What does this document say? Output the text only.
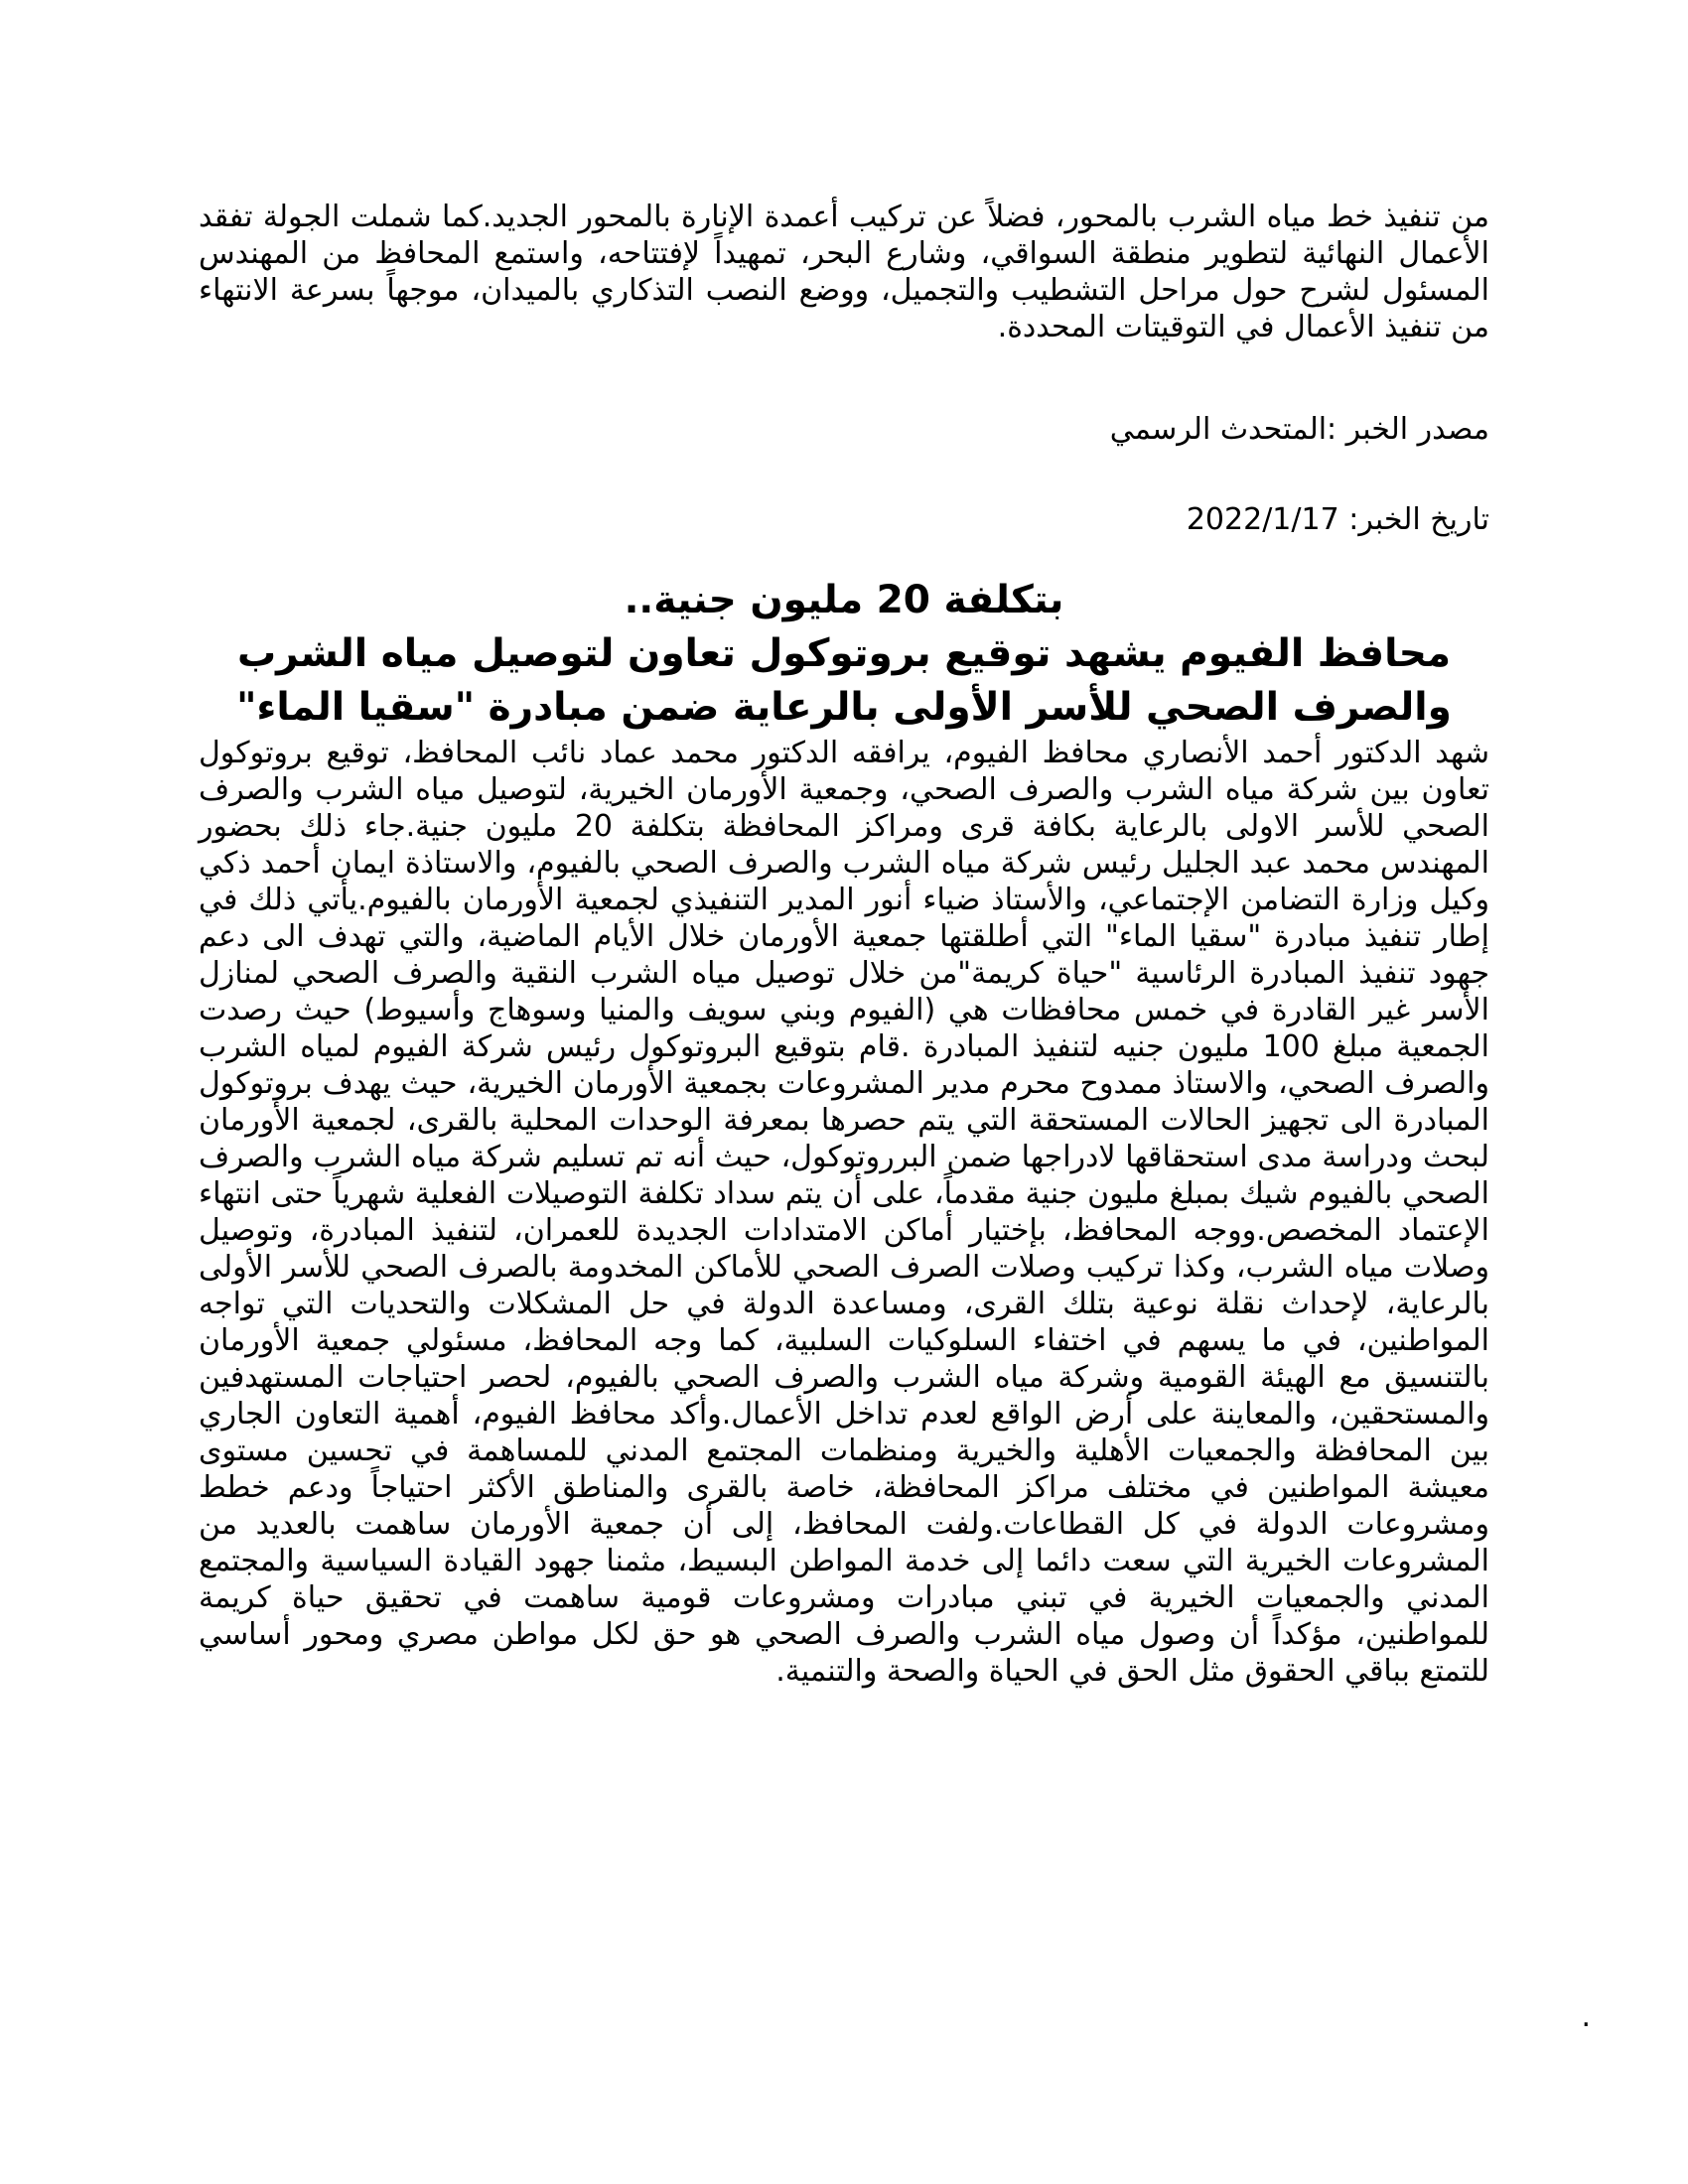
من تنفيذ خط مياه الشرب بالمحور، فضلاً عن تركيب أعمدة الإنارة بالمحور الجديد.كما شملت الجولة تفقد الأعمال النهائية لتطوير منطقة السواقي، وشارع البحر، تمهيداً لإفتتاحه، واستمع المحافظ من المهندس المسئول لشرح حول مراحل التشطيب والتجميل، ووضع النصب التذكاري بالميدان، موجهاً بسرعة الانتهاء من تنفيذ الأعمال في التوقيتات المحددة.

مصدر الخبر :المتحدث الرسمي

تاريخ الخبر: 2022/1/17

بتكلفة 20 مليون جنية..

محافظ الفيوم يشهد توقيع بروتوكول تعاون لتوصيل مياه الشرب والصرف الصحي للأسر الأولى بالرعاية ضمن مبادرة "سقيا الماء"

شهد الدكتور أحمد الأنصاري محافظ الفيوم، يرافقه الدكتور محمد عماد نائب المحافظ، توقيع بروتوكول تعاون بين شركة مياه الشرب والصرف الصحي، وجمعية الأورمان الخيرية، لتوصيل مياه الشرب والصرف الصحي للأسر الاولى بالرعاية بكافة قرى ومراكز المحافظة بتكلفة 20 مليون جنية.جاء ذلك بحضور المهندس محمد عبد الجليل رئيس شركة مياه الشرب والصرف الصحي بالفيوم، والاستاذة ايمان أحمد ذكي وكيل وزارة التضامن الإجتماعي، والأستاذ ضياء أنور المدير التنفيذي لجمعية الأورمان بالفيوم.يأتي ذلك في إطار تنفيذ مبادرة "سقيا الماء" التي أطلقتها جمعية الأورمان خلال الأيام الماضية، والتي تهدف الى دعم جهود تنفيذ المبادرة الرئاسية "حياة كريمة"من خلال توصيل مياه الشرب النقية والصرف الصحي لمنازل الأسر غير القادرة في خمس محافظات هي (الفيوم وبني سويف والمنيا وسوهاج وأسيوط) حيث رصدت الجمعية مبلغ 100 مليون جنيه لتنفيذ المبادرة .قام بتوقيع البروتوكول رئيس شركة الفيوم لمياه الشرب والصرف الصحي، والاستاذ ممدوح محرم مدير المشروعات بجمعية الأورمان الخيرية، حيث يهدف بروتوكول المبادرة الى تجهيز الحالات المستحقة التي يتم حصرها بمعرفة الوحدات المحلية بالقرى، لجمعية الأورمان لبحث ودراسة مدى استحقاقها لادراجها ضمن البرروتوكول، حيث أنه تم تسليم شركة مياه الشرب والصرف الصحي بالفيوم شيك بمبلغ مليون جنية مقدماً، على أن يتم سداد تكلفة التوصيلات الفعلية شهرياً حتى انتهاء الإعتماد المخصص.ووجه المحافظ، بإختيار أماكن الامتدادات الجديدة للعمران، لتنفيذ المبادرة، وتوصيل وصلات مياه الشرب، وكذا تركيب وصلات الصرف الصحي للأماكن المخدومة بالصرف الصحي للأسر الأولى بالرعاية، لإحداث نقلة نوعية بتلك القرى، ومساعدة الدولة في حل المشكلات والتحديات التي تواجه المواطنين، في ما يسهم في اختفاء السلوكيات السلبية، كما وجه المحافظ، مسئولي جمعية الأورمان بالتنسيق مع الهيئة القومية وشركة مياه الشرب والصرف الصحي بالفيوم، لحصر احتياجات المستهدفين والمستحقين، والمعاينة على أرض الواقع لعدم تداخل الأعمال.وأكد محافظ الفيوم، أهمية التعاون الجاري بين المحافظة والجمعيات الأهلية والخيرية ومنظمات المجتمع المدني للمساهمة في تحسين مستوى معيشة المواطنين في مختلف مراكز المحافظة، خاصة بالقرى والمناطق الأكثر احتياجاً ودعم خطط ومشروعات الدولة في كل القطاعات.ولفت المحافظ، إلى أن جمعية الأورمان ساهمت بالعديد من المشروعات الخيرية التي سعت دائما إلى خدمة المواطن البسيط، مثمنا جهود القيادة السياسية والمجتمع المدني والجمعيات الخيرية في تبني مبادرات ومشروعات قومية ساهمت في تحقيق حياة كريمة للمواطنين، مؤكداً أن وصول مياه الشرب والصرف الصحي هو حق لكل مواطن مصري ومحور أساسي للتمتع بباقي الحقوق مثل الحق في الحياة والصحة والتنمية.

.
